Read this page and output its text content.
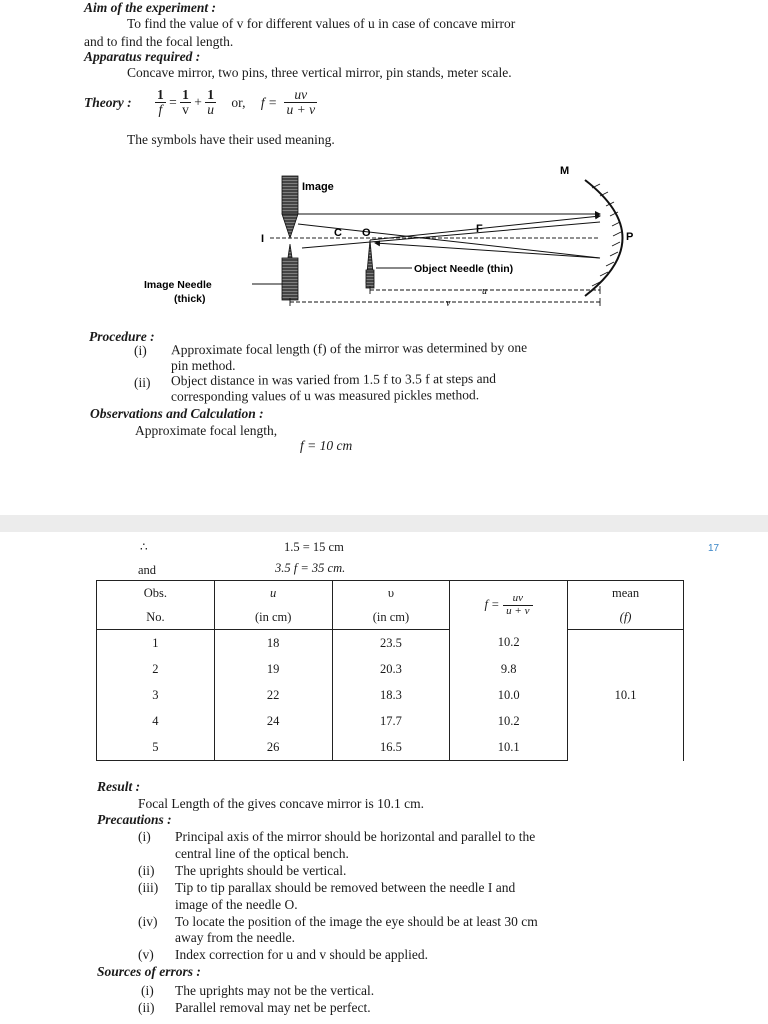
Aim of the experiment :
To find the value of v for different values of u in case of concave mirror
and to find the focal length.
Apparatus required :
Concave mirror, two pins, three vertical mirror, pin stands, meter scale.
Theory : $\frac{1}{f} = \frac{1}{v} + \frac{1}{u}$ or, $f = \frac{uv}{u + v}$
The symbols have their used meaning.
Image
M
P
F
C O
I
Object Needle (thin)
Image Needle
(thick)
u
v
Procedure :
(i) Approximate focal length (f) of the mirror was determined by one
pin method.
(ii) Object distance in was varied from 1.5 f to 3.5 f at steps and
corresponding values of u was measured pickles method.
Observations and Calculation :
Approximate focal length,
f = 10 cm
17
∴	1.5 = 15 cm
and	3.5 f = 35 cm.
Obs.	u	υ	$f = \frac{uv}{u + v}$	mean
No.	(in cm)	(in cm)		(f)
1	18	23.5	10.2	10.1
2	19	20.3	9.8	
3	22	18.3	10.0	
4	24	17.7	10.2	
5	26	16.5	10.1	
Result :
Focal Length of the gives concave mirror is 10.1 cm.
Precautions :
(i) Principal axis of the mirror should be horizontal and parallel to the
central line of the optical bench.
(ii) The uprights should be vertical.
(iii) Tip to tip parallax should be removed between the needle I and
image of the needle O.
(iv) To locate the position of the image the eye should be at least 30 cm
away from the needle.
(v) Index correction for u and v should be applied.
Sources of errors :
(i) The uprights may not be the vertical.
(ii) Parallel removal may net be perfect.
